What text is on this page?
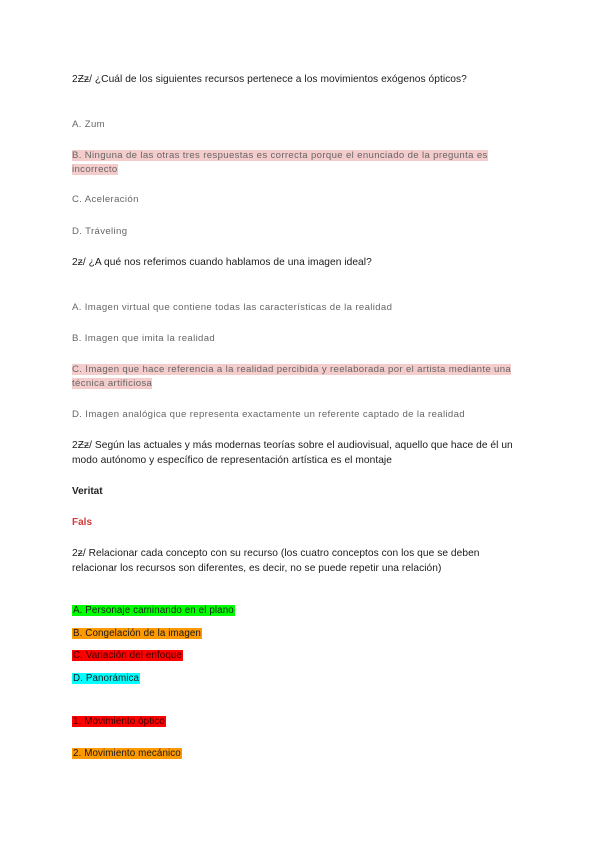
2Ƶƶ/ ¿Cuál de los siguientes recursos pertenece a los movimientos exógenos ópticos?
A. Zum
B. Ninguna de las otras tres respuestas es correcta porque el enunciado de la pregunta es
incorrecto
C. Aceleración
D. Tráveling
2ƶ/ ¿A qué nos referimos cuando hablamos de una imagen ideal?
A. Imagen virtual que contiene todas las características de la realidad
B. Imagen que imita la realidad
C. Imagen que hace referencia a la realidad percibida y reelaborada por el artista mediante una
técnica artificiosa
D. Imagen analógica que representa exactamente un referente captado de la realidad
2Ƶƶ/ Según las actuales y más modernas teorías sobre el audiovisual, aquello que hace de él un
modo autónomo y específico de representación artística es el montaje
Veritat
Fals
2ƶ/ Relacionar cada concepto con su recurso (los cuatro conceptos con los que se deben
relacionar los recursos son diferentes, es decir, no se puede repetir una relación)
A. Personaje caminando en el plano
B. Congelación de la imagen
C. Variación del enfoque
D. Panorámica
1. Movimiento óptico
2. Movimiento mecánico
